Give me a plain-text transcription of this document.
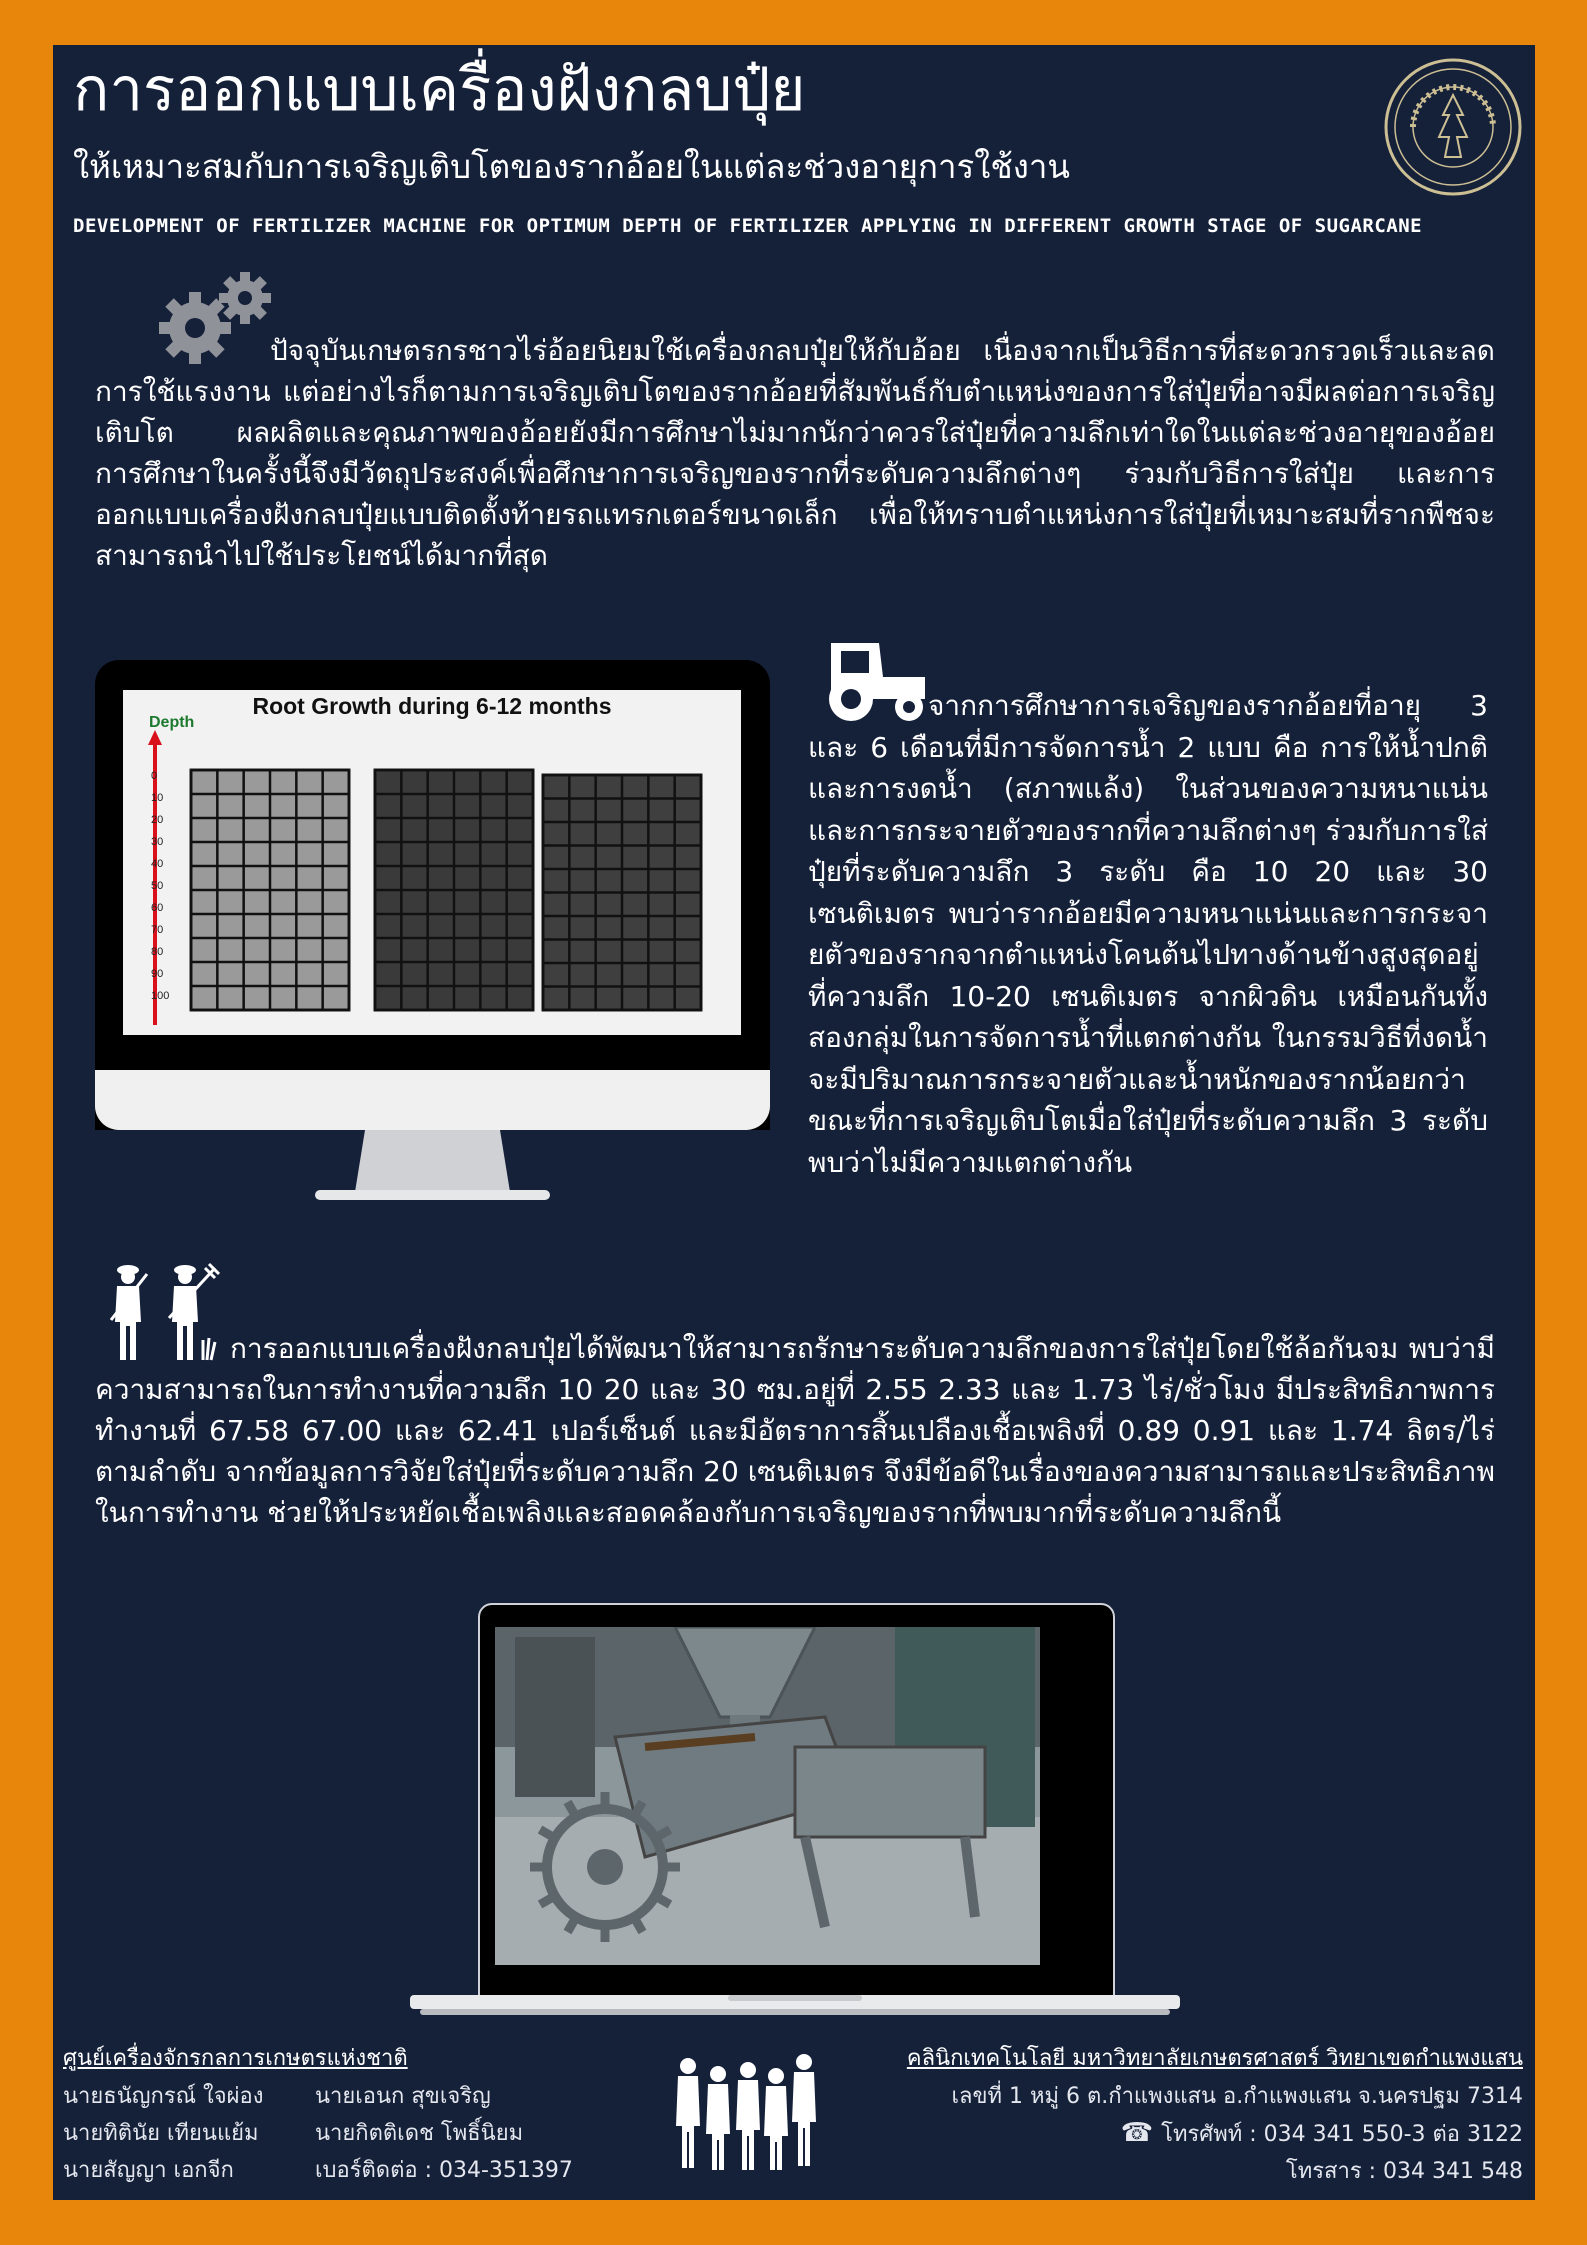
การออกแบบเครื่องฝังกลบปุ๋ย
ให้เหมาะสมกับการเจริญเติบโตของรากอ้อยในแต่ละช่วงอายุการใช้งาน
DEVELOPMENT OF FERTILIZER MACHINE FOR OPTIMUM DEPTH OF FERTILIZER APPLYING IN DIFFERENT GROWTH STAGE OF SUGARCANE
ปัจจุบันเกษตรกรชาวไร่อ้อยนิยมใช้เครื่องกลบปุ๋ยให้กับอ้อย เนื่องจากเป็นวิธีการที่สะดวกรวดเร็วและลดการใช้แรงงาน แต่อย่างไรก็ตามการเจริญเติบโตของรากอ้อยที่สัมพันธ์กับตำแหน่งของการใส่ปุ๋ยที่อาจมีผลต่อการเจริญเติบโต ผลผลิตและคุณภาพของอ้อยยังมีการศึกษาไม่มากนักว่าควรใส่ปุ๋ยที่ความลึกเท่าใดในแต่ละช่วงอายุของอ้อย การศึกษาในครั้งนี้จึงมีวัตถุประสงค์เพื่อศึกษาการเจริญของรากที่ระดับความลึกต่างๆ ร่วมกับวิธีการใส่ปุ๋ย และการออกแบบเครื่องฝังกลบปุ๋ยแบบติดตั้งท้ายรถแทรกเตอร์ขนาดเล็ก เพื่อให้ทราบตำแหน่งการใส่ปุ๋ยที่เหมาะสมที่รากพืชจะสามารถนำไปใช้ประโยชน์ได้มากที่สุด
Root Growth during 6-12 months
Depth
0
10
20
30
40
50
60
70
80
90
100
จากการศึกษาการเจริญของรากอ้อยที่อายุ 3 และ 6 เดือนที่มีการจัดการน้ำ 2 แบบ คือ การให้น้ำปกติและการงดน้ำ (สภาพแล้ง) ในส่วนของความหนาแน่นและการกระจายตัวของรากที่ความลึกต่างๆ ร่วมกับการใส่ปุ๋ยที่ระดับความลึก 3 ระดับ คือ 10 20 และ 30 เซนติเมตร พบว่ารากอ้อยมีความหนาแน่นและการกระจายตัวของรากจากตำแหน่งโคนต้นไปทางด้านข้างสูงสุดอยู่ที่ความลึก 10-20 เซนติเมตร จากผิวดิน เหมือนกันทั้งสองกลุ่มในการจัดการน้ำที่แตกต่างกัน ในกรรมวิธีที่งดน้ำจะมีปริมาณการกระจายตัวและน้ำหนักของรากน้อยกว่า ขณะที่การเจริญเติบโตเมื่อใส่ปุ๋ยที่ระดับความลึก 3 ระดับ พบว่าไม่มีความแตกต่างกัน
การออกแบบเครื่องฝังกลบปุ๋ยได้พัฒนาให้สามารถรักษาระดับความลึกของการใส่ปุ๋ยโดยใช้ล้อกันจม พบว่ามีความสามารถในการทำงานที่ความลึก 10 20 และ 30 ซม.อยู่ที่ 2.55 2.33 และ 1.73 ไร่/ชั่วโมง มีประสิทธิภาพการทำงานที่ 67.58 67.00 และ 62.41 เปอร์เซ็นต์ และมีอัตราการสิ้นเปลืองเชื้อเพลิงที่ 0.89 0.91 และ 1.74 ลิตร/ไร่ ตามลำดับ จากข้อมูลการวิจัยใส่ปุ๋ยที่ระดับความลึก 20 เซนติเมตร จึงมีข้อดีในเรื่องของความสามารถและประสิทธิภาพในการทำงาน ช่วยให้ประหยัดเชื้อเพลิงและสอดคล้องกับการเจริญของรากที่พบมากที่ระดับความลึกนี้
ศูนย์เครื่องจักรกลการเกษตรแห่งชาติ
นายธนัญกรณ์ ใจผ่อง
นายทิตินัย เทียนแย้ม
นายสัญญา เอกจีก
นายเอนก สุขเจริญ
นายกิตติเดช โพธิ์นิยม
เบอร์ติดต่อ : 034-351397
คลินิกเทคโนโลยี มหาวิทยาลัยเกษตรศาสตร์ วิทยาเขตกำแพงแสน
เลขที่ 1 หมู่ 6 ต.กำแพงแสน อ.กำแพงแสน จ.นครปฐม 7314
☎ โทรศัพท์ : 034 341 550-3 ต่อ 3122
โทรสาร : 034 341 548
